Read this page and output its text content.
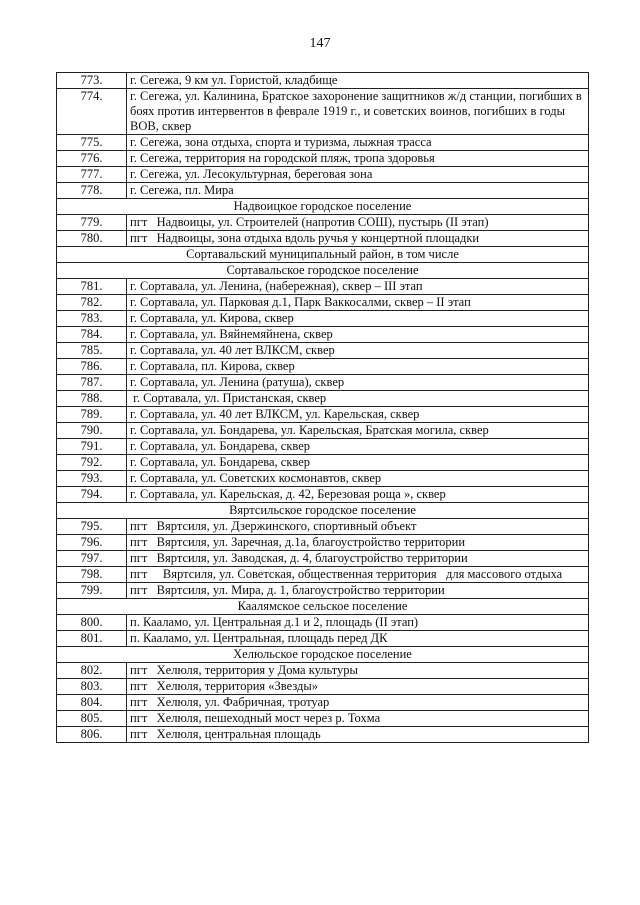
147
773.	г. Сегежа, 9 км ул. Гористой, кладбище
774.	г. Сегежа, ул. Калинина, Братское захоронение защитников ж/д станции, погибших в боях против интервентов в феврале 1919 г., и советских воинов, погибших в годы ВОВ, сквер
775.	г. Сегежа, зона отдыха, спорта и туризма, лыжная трасса
776.	г. Сегежа, территория на городской пляж, тропа здоровья
777.	г. Сегежа, ул. Лесокультурная, береговая зона
778.	г. Сегежа, пл. Мира
Надвоицкое городское поселение	
779.	пгт   Надвоицы, ул. Строителей (напротив СОШ), пустырь (II этап)
780.	пгт   Надвоицы, зона отдыха вдоль ручья у концертной площадки
Сортавальский муниципальный район, в том числе	
Сортавальское городское поселение	
781.	г. Сортавала, ул. Ленина, (набережная), сквер – III этап
782.	г. Сортавала, ул. Парковая д.1, Парк Ваккосалми, сквер – II этап
783.	г. Сортавала, ул. Кирова, сквер
784.	г. Сортавала, ул. Вяйнемяйнена, сквер
785.	г. Сортавала, ул. 40 лет ВЛКСМ, сквер
786.	г. Сортавала, пл. Кирова, сквер
787.	г. Сортавала, ул. Ленина (ратуша), сквер
788.	г. Сортавала, ул. Пристанская, сквер
789.	г. Сортавала, ул. 40 лет ВЛКСМ, ул. Карельская, сквер
790.	г. Сортавала, ул. Бондарева, ул. Карельская, Братская могила, сквер
791.	г. Сортавала, ул. Бондарева, сквер
792.	г. Сортавала, ул. Бондарева, сквер
793.	г. Сортавала, ул. Советских космонавтов, сквер
794.	г. Сортавала, ул. Карельская, д. 42, Березовая роща », сквер
Вяртсильское городское поселение	
795.	пгт   Вяртсиля, ул. Дзержинского, спортивный объект
796.	пгт   Вяртсиля, ул. Заречная, д.1а, благоустройство территории
797.	пгт   Вяртсиля, ул. Заводская, д. 4, благоустройство территории
798.	пгт     Вяртсиля, ул. Советская, общественная территория   для массового отдыха
799.	пгт   Вяртсиля, ул. Мира, д. 1, благоустройство территории
Каалямское сельское поселение	
800.	п. Кааламо, ул. Центральная д.1 и 2, площадь (II этап)
801.	п. Кааламо, ул. Центральная, площадь перед ДК
Хелюльское городское поселение	
802.	пгт   Хелюля, территория у Дома культуры
803.	пгт   Хелюля, территория «Звезды»
804.	пгт   Хелюля, ул. Фабричная, тротуар
805.	пгт   Хелюля, пешеходный мост через р. Тохма
806.	пгт   Хелюля, центральная площадь
